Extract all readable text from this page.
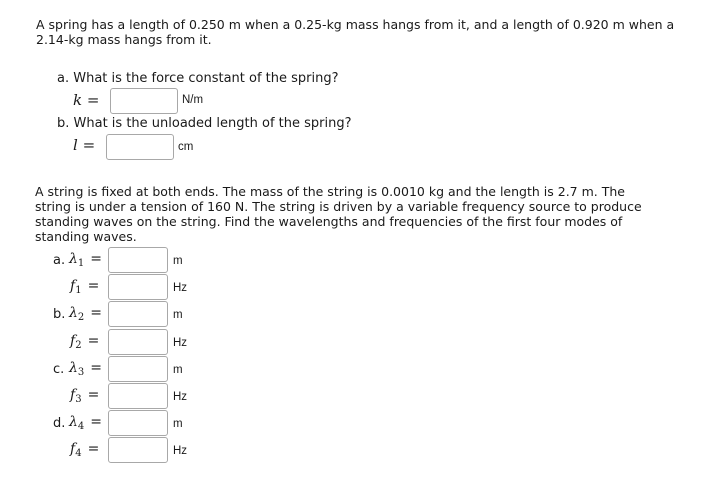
A spring has a length of 0.250 m when a 0.25-kg mass hangs from it, and a length of 0.920 m when a 2.14-kg mass hangs from it.
a. What is the force constant of the spring?
k =	N/m
b. What is the unloaded length of the spring?
l =	cm
A string is fixed at both ends. The mass of the string is 0.0010 kg and the length is 2.7 m. The string is under a tension of 160 N. The string is driven by a variable frequency source to produce standing waves on the string. Find the wavelengths and frequencies of the first four modes of standing waves.
a. $\lambda_1$ =	m
$f_1$ =	Hz
b. $\lambda_2$ =	m
$f_2$ =	Hz
c. $\lambda_3$ =	m
$f_3$ =	Hz
d. $\lambda_4$ =	m
$f_4$ =	Hz
